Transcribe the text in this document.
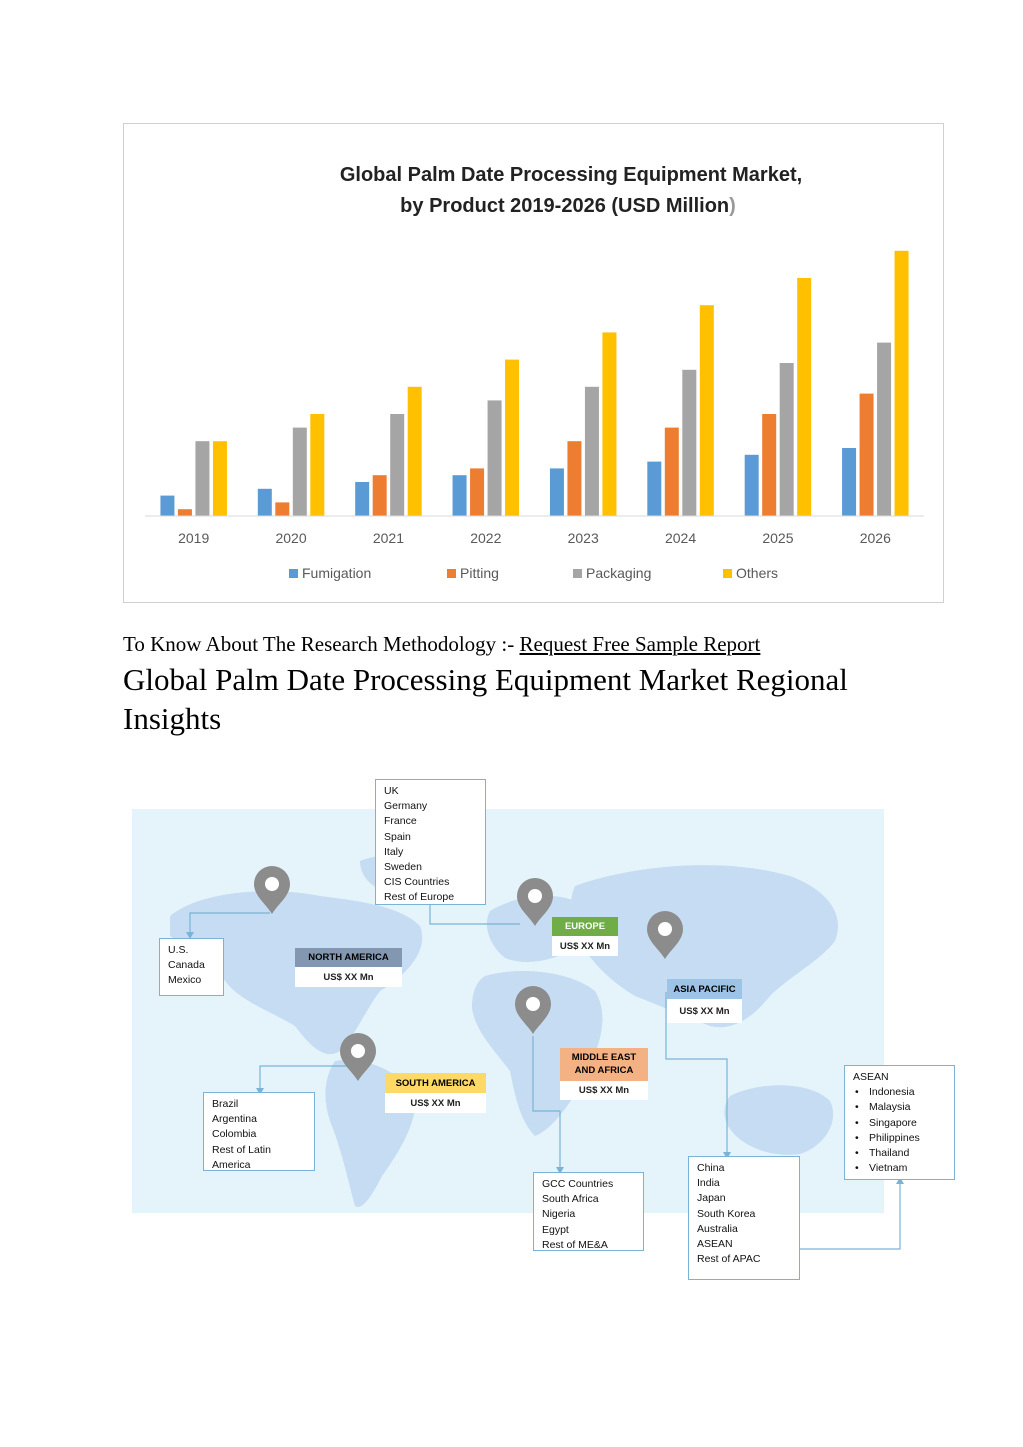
Global Palm Date Processing Equipment Market,
by Product 2019-2026 (USD Million)
2019	2020	2021	2022	2023	2024	2025	2026
Fumigation	Pitting	Packaging	Others
To Know About The Research Methodology :- Request Free Sample Report
Global Palm Date Processing Equipment Market Regional Insights
NORTH AMERICA
US$ XX Mn
EUROPE
US$ XX Mn
ASIA PACIFIC
US$ XX Mn
MIDDLE EAST
AND AFRICA
US$ XX Mn
SOUTH AMERICA
US$ XX Mn
UK
Germany
France
Spain
Italy
Sweden
CIS Countries
Rest of Europe
U.S.
Canada
Mexico
Brazil
Argentina
Colombia
Rest of Latin
America
GCC Countries
South Africa
Nigeria
Egypt
Rest of ME&A
China
India
Japan
South Korea
Australia
ASEAN
Rest of APAC
ASEAN
• Indonesia
• Malaysia
• Singapore
• Philippines
• Thailand
• Vietnam
